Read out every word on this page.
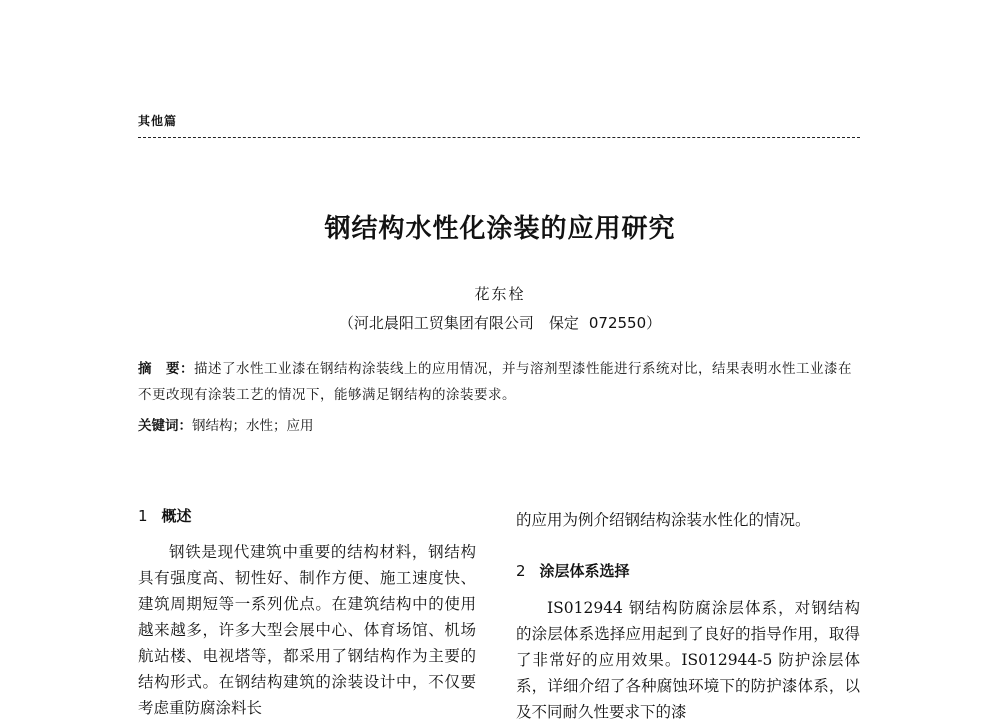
其他篇
钢结构水性化涂装的应用研究
花东栓
（河北晨阳工贸集团有限公司　保定 072550）
摘　要：描述了水性工业漆在钢结构涂装线上的应用情况，并与溶剂型漆性能进行系统对比，结果表明水性工业漆在不更改现有涂装工艺的情况下，能够满足钢结构的涂装要求。
关键词：钢结构；水性；应用
1 概述
钢铁是现代建筑中重要的结构材料，钢结构具有强度高、韧性好、制作方便、施工速度快、建筑周期短等一系列优点。在建筑结构中的使用越来越多，许多大型会展中心、体育场馆、机场航站楼、电视塔等，都采用了钢结构作为主要的结构形式。在钢结构建筑的涂装设计中，不仅要考虑重防腐涂料长
的应用为例介绍钢结构涂装水性化的情况。
2 涂层体系选择
IS012944 钢结构防腐涂层体系，对钢结构的涂层体系选择应用起到了良好的指导作用，取得了非常好的应用效果。IS012944-5 防护涂层体系，详细介绍了各种腐蚀环境下的防护漆体系，以及不同耐久性要求下的漆
